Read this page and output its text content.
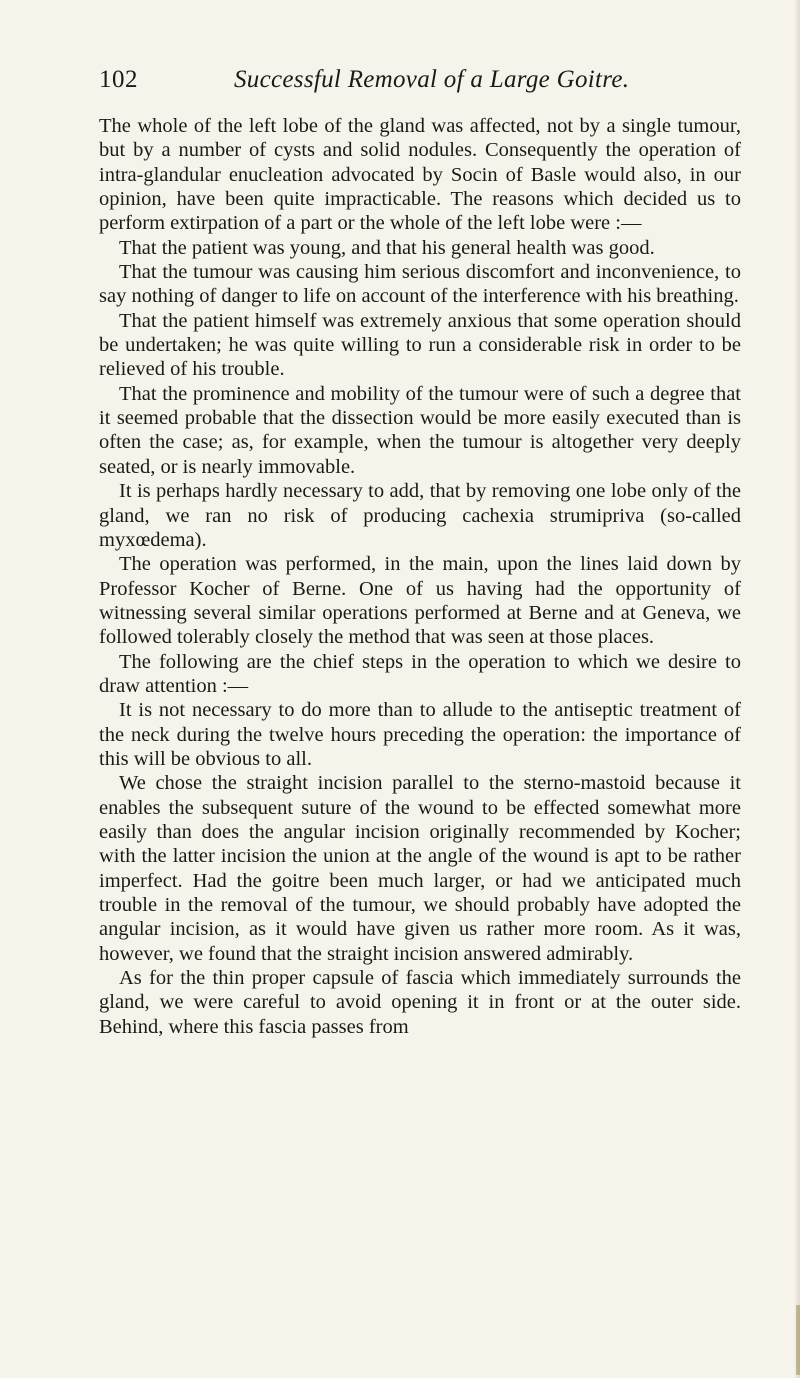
102	Successful Removal of a Large Goitre.

The whole of the left lobe of the gland was affected, not by a single tumour, but by a number of cysts and solid nodules. Consequently the operation of intra-glandular enucleation advocated by Socin of Basle would also, in our opinion, have been quite impracticable. The reasons which decided us to perform extirpation of a part or the whole of the left lobe were :—

That the patient was young, and that his general health was good.

That the tumour was causing him serious discomfort and inconvenience, to say nothing of danger to life on account of the interference with his breathing.

That the patient himself was extremely anxious that some operation should be undertaken; he was quite willing to run a considerable risk in order to be relieved of his trouble.

That the prominence and mobility of the tumour were of such a degree that it seemed probable that the dissection would be more easily executed than is often the case; as, for example, when the tumour is altogether very deeply seated, or is nearly immovable.

It is perhaps hardly necessary to add, that by removing one lobe only of the gland, we ran no risk of producing cachexia strumipriva (so-called myxœdema).

The operation was performed, in the main, upon the lines laid down by Professor Kocher of Berne. One of us having had the opportunity of witnessing several similar operations performed at Berne and at Geneva, we followed tolerably closely the method that was seen at those places.

The following are the chief steps in the operation to which we desire to draw attention :—

It is not necessary to do more than to allude to the antiseptic treatment of the neck during the twelve hours preceding the operation: the importance of this will be obvious to all.

We chose the straight incision parallel to the sterno-mastoid because it enables the subsequent suture of the wound to be effected somewhat more easily than does the angular incision originally recommended by Kocher; with the latter incision the union at the angle of the wound is apt to be rather imperfect. Had the goitre been much larger, or had we anticipated much trouble in the removal of the tumour, we should probably have adopted the angular incision, as it would have given us rather more room. As it was, however, we found that the straight incision answered admirably.

As for the thin proper capsule of fascia which immediately surrounds the gland, we were careful to avoid opening it in front or at the outer side. Behind, where this fascia passes from
